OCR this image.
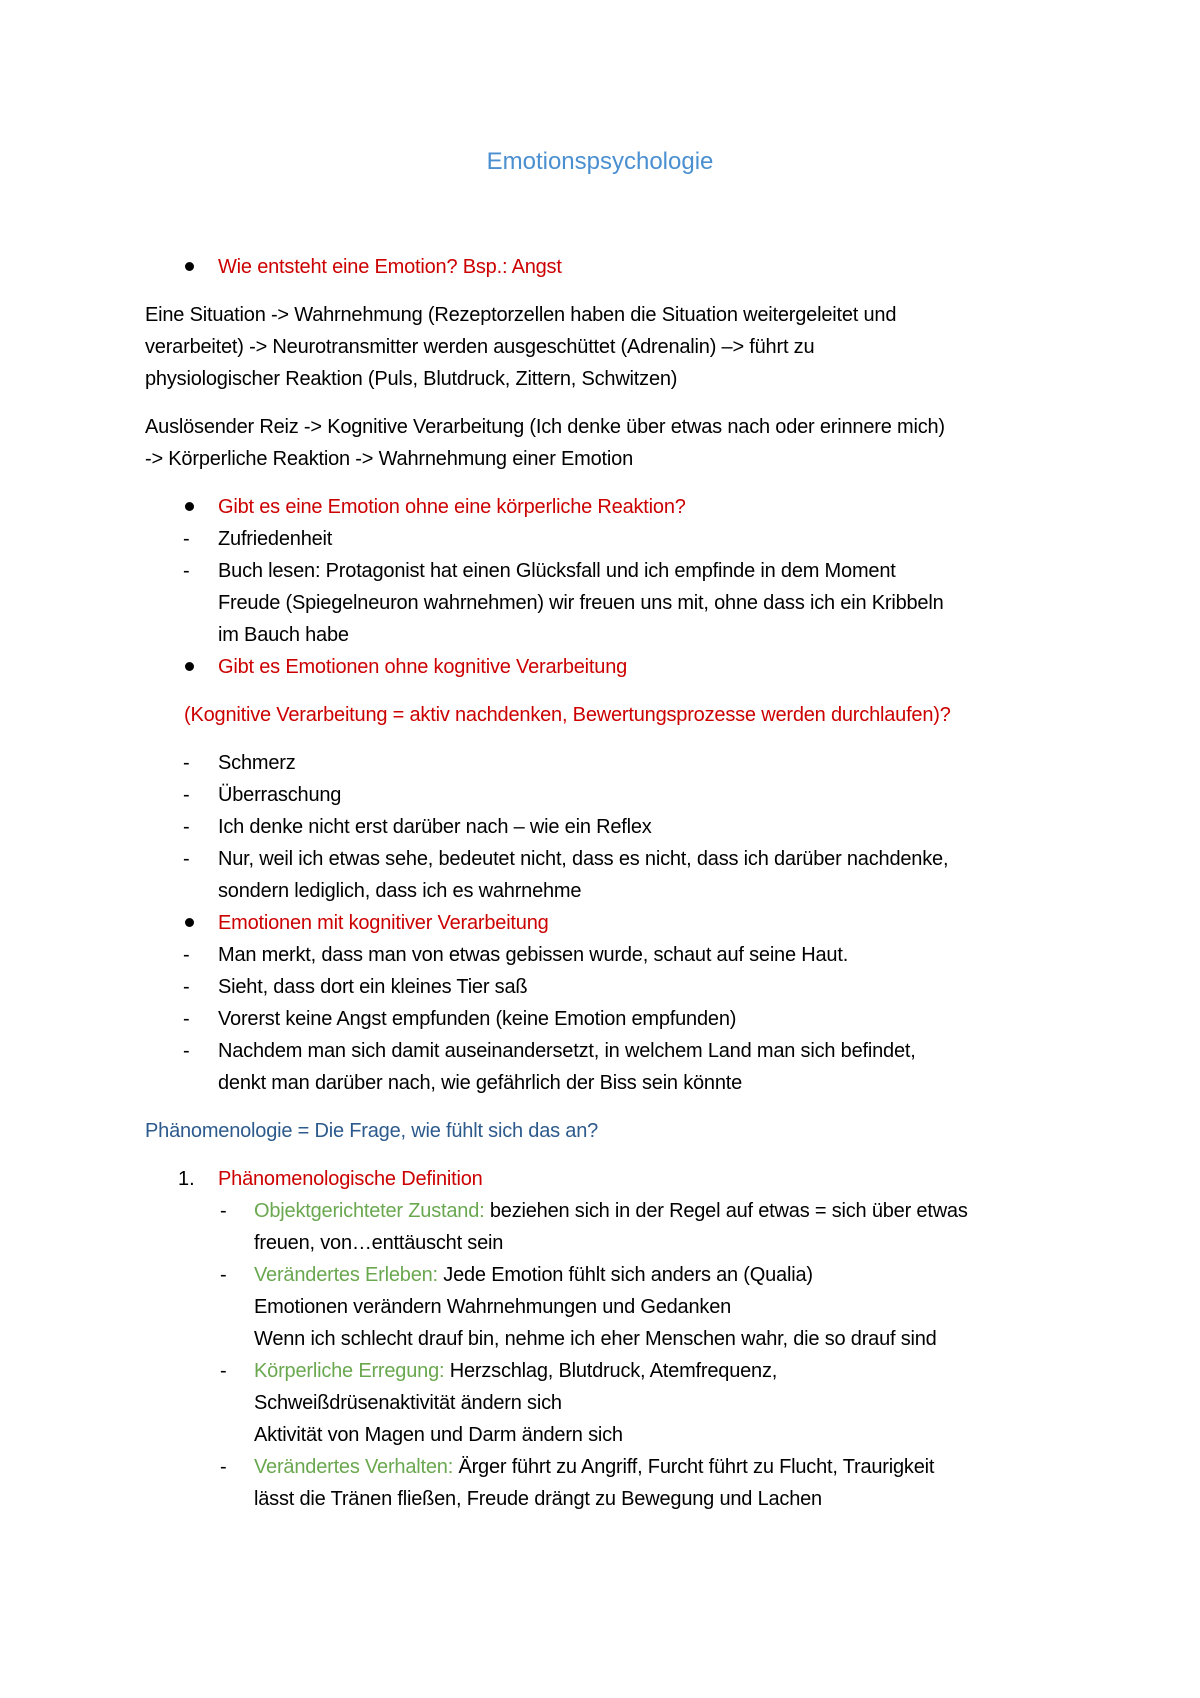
Emotionspsychologie
Wie entsteht eine Emotion? Bsp.: Angst
Eine Situation -> Wahrnehmung (Rezeptorzellen haben die Situation weitergeleitet und
verarbeitet) -> Neurotransmitter werden ausgeschüttet (Adrenalin) –> führt zu
physiologischer Reaktion (Puls, Blutdruck, Zittern, Schwitzen)
Auslösender Reiz -> Kognitive Verarbeitung (Ich denke über etwas nach oder erinnere mich)
-> Körperliche Reaktion -> Wahrnehmung einer Emotion
Gibt es eine Emotion ohne eine körperliche Reaktion?
- Zufriedenheit
- Buch lesen: Protagonist hat einen Glücksfall und ich empfinde in dem Moment
Freude (Spiegelneuron wahrnehmen) wir freuen uns mit, ohne dass ich ein Kribbeln
im Bauch habe
Gibt es Emotionen ohne kognitive Verarbeitung
(Kognitive Verarbeitung = aktiv nachdenken, Bewertungsprozesse werden durchlaufen)?
- Schmerz
- Überraschung
- Ich denke nicht erst darüber nach – wie ein Reflex
- Nur, weil ich etwas sehe, bedeutet nicht, dass es nicht, dass ich darüber nachdenke,
sondern lediglich, dass ich es wahrnehme
Emotionen mit kognitiver Verarbeitung
- Man merkt, dass man von etwas gebissen wurde, schaut auf seine Haut.
- Sieht, dass dort ein kleines Tier saß
- Vorerst keine Angst empfunden (keine Emotion empfunden)
- Nachdem man sich damit auseinandersetzt, in welchem Land man sich befindet,
denkt man darüber nach, wie gefährlich der Biss sein könnte
Phänomenologie = Die Frage, wie fühlt sich das an?
1. Phänomenologische Definition
- Objektgerichteter Zustand: beziehen sich in der Regel auf etwas = sich über etwas
freuen, von…enttäuscht sein
- Verändertes Erleben: Jede Emotion fühlt sich anders an (Qualia)
Emotionen verändern Wahrnehmungen und Gedanken
Wenn ich schlecht drauf bin, nehme ich eher Menschen wahr, die so drauf sind
- Körperliche Erregung: Herzschlag, Blutdruck, Atemfrequenz,
Schweißdrüsenaktivität ändern sich
Aktivität von Magen und Darm ändern sich
- Verändertes Verhalten: Ärger führt zu Angriff, Furcht führt zu Flucht, Traurigkeit
lässt die Tränen fließen, Freude drängt zu Bewegung und Lachen
